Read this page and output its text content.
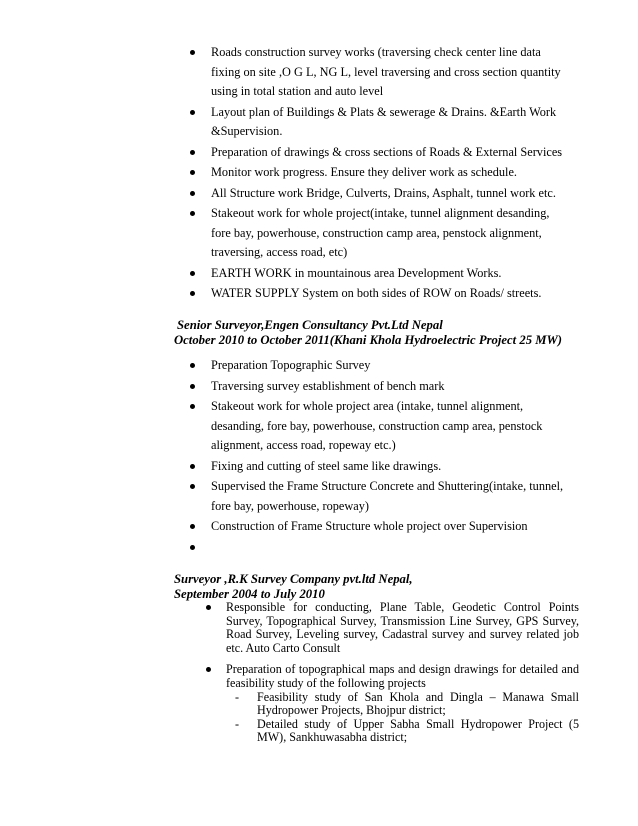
Roads construction survey works (traversing check center line data fixing on site ,O G L, NG L, level traversing and cross section quantity using in total station and auto level
Layout plan of Buildings & Plats & sewerage & Drains. &Earth Work &Supervision.
Preparation of drawings & cross sections of Roads & External Services
Monitor work progress. Ensure they deliver work as schedule.
All Structure work Bridge, Culverts, Drains, Asphalt, tunnel work etc.
Stakeout work for whole project(intake, tunnel alignment desanding, fore bay, powerhouse, construction camp area, penstock alignment, traversing, access road, etc)
EARTH WORK in mountainous area Development Works.
WATER SUPPLY System on both sides of ROW on Roads/ streets.
Senior Surveyor,Engen Consultancy Pvt.Ltd Nepal
October 2010 to October 2011(Khani Khola Hydroelectric Project 25 MW)
Preparation Topographic Survey
Traversing survey establishment of bench mark
Stakeout work for whole project area (intake, tunnel alignment, desanding, fore bay, powerhouse, construction camp area, penstock alignment, access road, ropeway etc.)
Fixing and cutting of steel same like drawings.
Supervised the Frame Structure Concrete and Shuttering(intake, tunnel, fore bay, powerhouse, ropeway)
Construction of Frame Structure whole project over Supervision

Surveyor ,R.K Survey Company pvt.ltd Nepal,
September 2004 to July 2010
Responsible for conducting, Plane Table, Geodetic Control Points Survey, Topographical Survey, Transmission Line Survey, GPS Survey, Road Survey, Leveling survey, Cadastral survey and survey related job etc. Auto Carto Consult
Preparation of topographical maps and design drawings for detailed and feasibility study of the following projects
- Feasibility study of San Khola and Dingla – Manawa Small Hydropower Projects, Bhojpur district;
- Detailed study of Upper Sabha Small Hydropower Project (5 MW), Sankhuwasabha district;
